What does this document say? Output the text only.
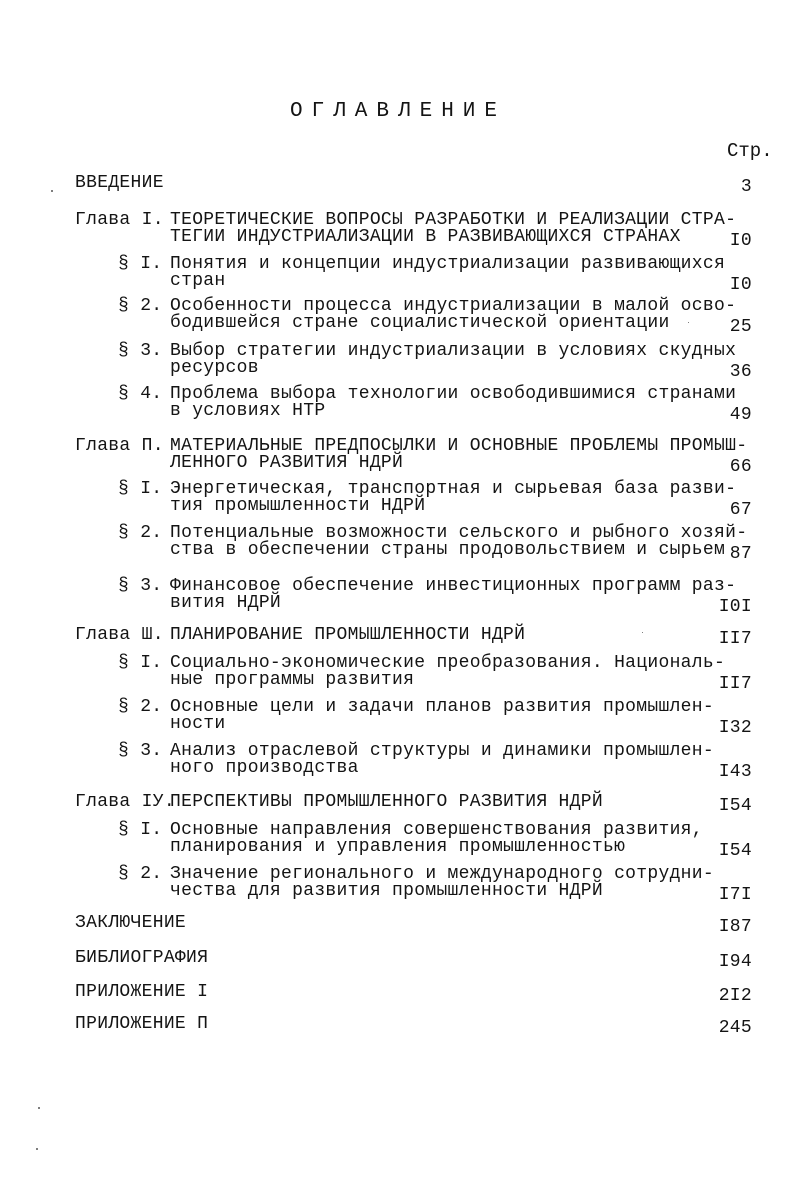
ОГЛАВЛЕНИЕ
Стр.
ВВЕДЕНИЕ	3
Глава I. ТЕОРЕТИЧЕСКИЕ ВОПРОСЫ РАЗРАБОТКИ И РЕАЛИЗАЦИИ СТРА-
ТЕГИИ ИНДУСТРИАЛИЗАЦИИ В РАЗВИВАЮЩИХСЯ СТРАНАХ	I0
§ I. Понятия и концепции индустриализации развивающихся
стран	I0
§ 2. Особенности процесса индустриализации в малой осво-
бодившейся стране социалистической ориентации	25
§ 3. Выбор стратегии индустриализации в условиях скудных
ресурсов	36
§ 4. Проблема выбора технологии освободившимися странами
в условиях НТР	49
Глава П. МАТЕРИАЛЬНЫЕ ПРЕДПОСЫЛКИ И ОСНОВНЫЕ ПРОБЛЕМЫ ПРОМЫШ-
ЛЕННОГО РАЗВИТИЯ НДРЙ	66
§ I. Энергетическая, транспортная и сырьевая база разви-
тия промышленности НДРЙ	67
§ 2. Потенциальные возможности сельского и рыбного хозяй-
ства в обеспечении страны продовольствием и сырьем 87
§ 3. Финансовое обеспечение инвестиционных программ раз-
вития НДРЙ	I0I
Глава Ш. ПЛАНИРОВАНИЕ ПРОМЫШЛЕННОСТИ НДРЙ	II7
§ I. Социально-экономические преобразования. Националь-
ные программы развития	II7
§ 2. Основные цели и задачи планов развития промышлен-
ности	I32
§ 3. Анализ отраслевой структуры и динамики промышлен-
ного производства	I43
Глава IУ.
ПЕРСПЕКТИВЫ ПРОМЫШЛЕННОГО РАЗВИТИЯ НДРЙ	I54
§ I. Основные направления совершенствования развития,
планирования и управления промышленностью	I54
§ 2. Значение регионального и международного сотрудни-
чества для развития промышленности НДРЙ	I7I
ЗАКЛЮЧЕНИЕ	I87
БИБЛИОГРАФИЯ	I94
ПРИЛОЖЕНИЕ I	2I2
ПРИЛОЖЕНИЕ П	245
